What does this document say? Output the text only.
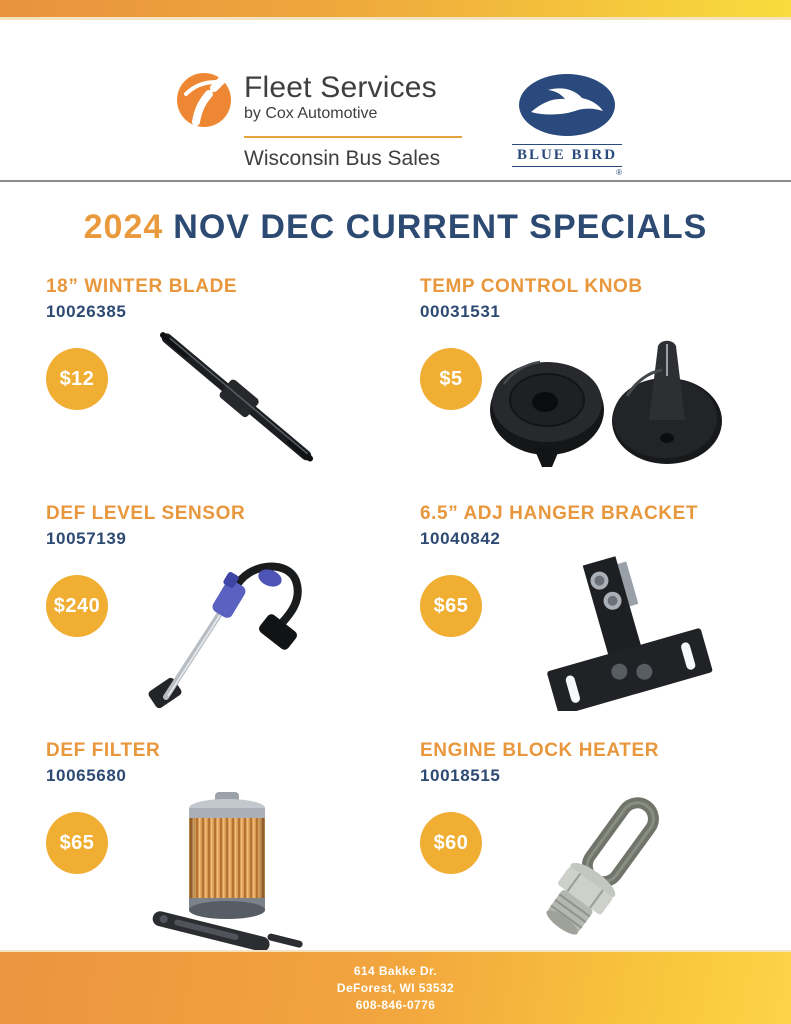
Fleet Services
by Cox Automotive
Wisconsin Bus Sales	BLUE BIRD
®
2024 NOV DEC CURRENT SPECIALS
18” WINTER BLADE
10026385
$12
TEMP CONTROL KNOB
00031531
$5
DEF LEVEL SENSOR
10057139
$240
6.5” ADJ HANGER BRACKET
10040842
$65
DEF FILTER
10065680
$65
ENGINE BLOCK HEATER
10018515
$60
614 Bakke Dr.
DeForest, WI 53532
608-846-0776
